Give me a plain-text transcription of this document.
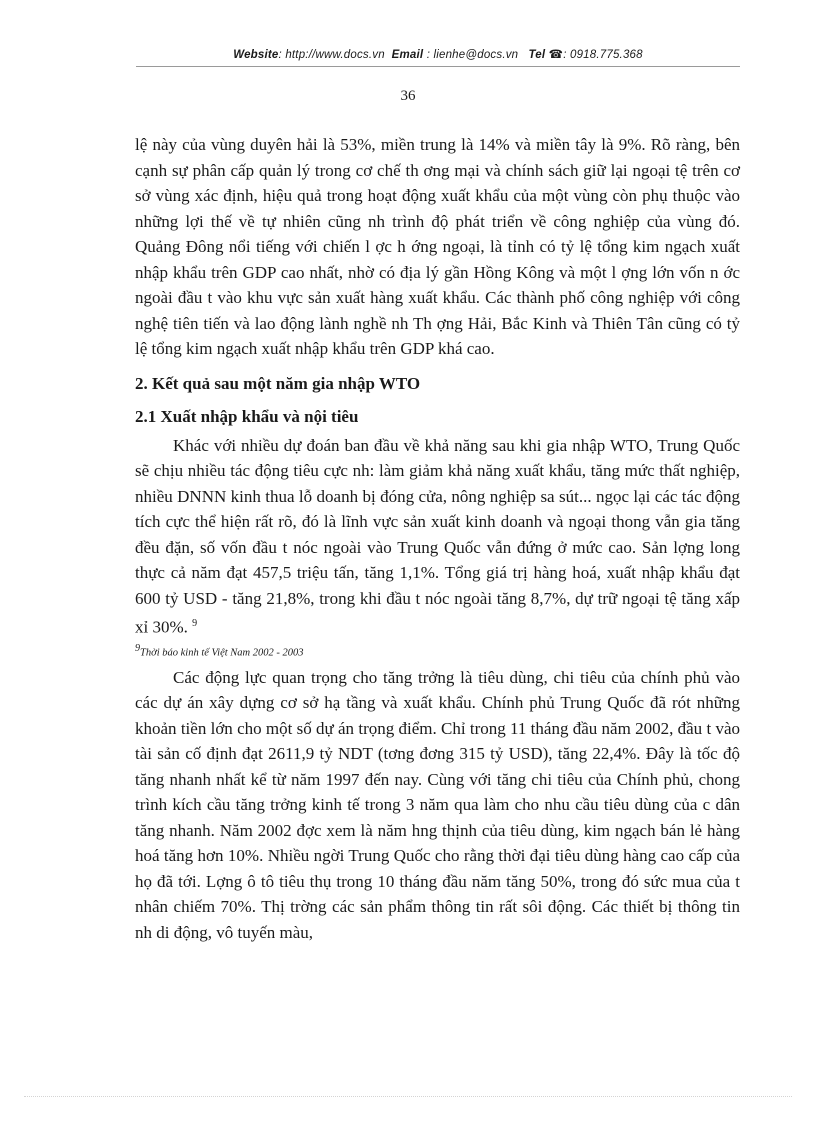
Website: http://www.docs.vn Email : lienhe@docs.vn Tel ☎: 0918.775.368
36

lệ này của vùng duyên hải là 53%, miền trung là 14% và miền tây là 9%. Rõ ràng, bên cạnh sự phân cấp quản lý trong cơ chế th ơng mại và chính sách giữ lại ngoại tệ trên cơ sở vùng xác định, hiệu quả trong hoạt động xuất khẩu của một vùng còn phụ thuộc vào những lợi thế về tự nhiên cũng nh trình độ phát triển về công nghiệp của vùng đó. Quảng Đông nổi tiếng với chiến l ợc h ớng ngoại, là tỉnh có tỷ lệ tổng kim ngạch xuất nhập khẩu trên GDP cao nhất, nhờ có địa lý gần Hồng Kông và một l ợng lớn vốn n ớc ngoài đầu t vào khu vực sản xuất hàng xuất khẩu. Các thành phố công nghiệp với công nghệ tiên tiến và lao động lành nghề nh Th ợng Hải, Bắc Kinh và Thiên Tân cũng có tỷ lệ tổng kim ngạch xuất nhập khẩu trên GDP khá cao.

2. Kết quả sau một năm gia nhập WTO

2.1 Xuất nhập khẩu và nội tiêu

Khác với nhiều dự đoán ban đầu về khả năng sau khi gia nhập WTO, Trung Quốc sẽ chịu nhiều tác động tiêu cực nh: làm giảm khả năng xuất khẩu, tăng mức thất nghiệp, nhiều DNNN kinh thua lỗ doanh bị đóng cửa, nông nghiệp sa sút... ngọc lại các tác động tích cực thể hiện rất rõ, đó là lĩnh vực sản xuất kinh doanh và ngoại thong vẫn gia tăng đều đặn, số vốn đầu t nóc ngoài vào Trung Quốc vẫn đứng ở mức cao. Sản lợng long thực cả năm đạt 457,5 triệu tấn, tăng 1,1%. Tổng giá trị hàng hoá, xuất nhập khẩu đạt 600 tỷ USD - tăng 21,8%, trong khi đầu t nóc ngoài tăng 8,7%, dự trữ ngoại tệ tăng xấp xỉ 30%. $^9$

$^9$Thời báo kinh tế Việt Nam 2002 - 2003

Các động lực quan trọng cho tăng trởng là tiêu dùng, chi tiêu của chính phủ vào các dự án xây dựng cơ sở hạ tầng và xuất khẩu. Chính phủ Trung Quốc đã rót những khoản tiền lớn cho một số dự án trọng điểm. Chỉ trong 11 tháng đầu năm 2002, đầu t vào tài sản cố định đạt 2611,9 tỷ NDT (tơng đơng 315 tỷ USD), tăng 22,4%. Đây là tốc độ tăng nhanh nhất kể từ năm 1997 đến nay. Cùng với tăng chi tiêu của Chính phủ, chong trình kích cầu tăng trởng kinh tế trong 3 năm qua làm cho nhu cầu tiêu dùng của c dân tăng nhanh. Năm 2002 đợc xem là năm hng thịnh của tiêu dùng, kim ngạch bán lẻ hàng hoá tăng hơn 10%. Nhiều ngời Trung Quốc cho rằng thời đại tiêu dùng hàng cao cấp của họ đã tới. Lợng ô tô tiêu thụ trong 10 tháng đầu năm tăng 50%, trong đó sức mua của t nhân chiếm 70%. Thị trờng các sản phẩm thông tin rất sôi động. Các thiết bị thông tin nh di động, vô tuyến màu,
